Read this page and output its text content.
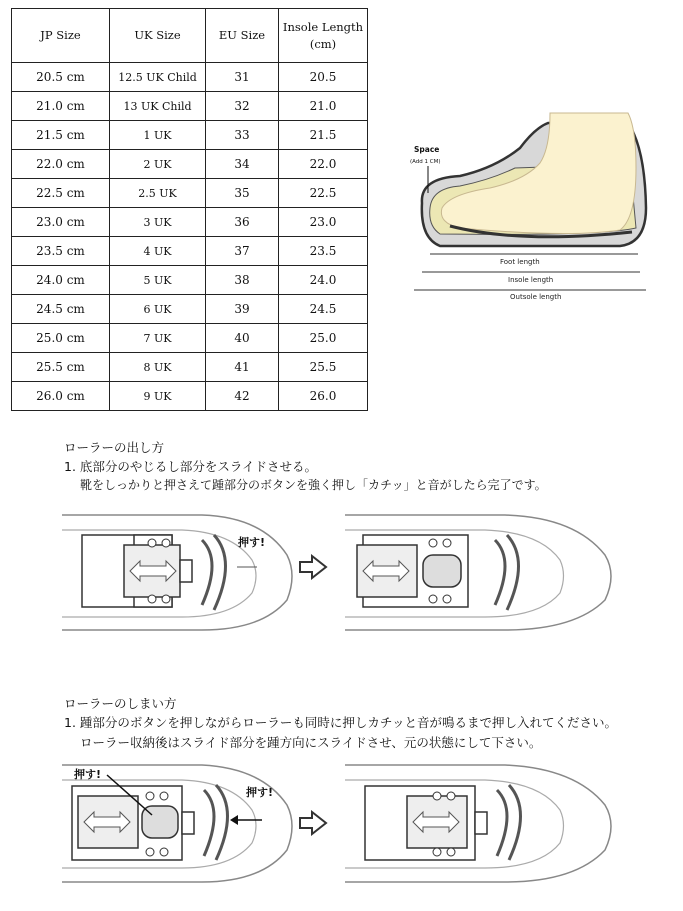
JP Size	UK Size	EU Size	Insole Length
(cm)
20.5 cm	12.5 UK Child	31	20.5
21.0 cm	13 UK Child	32	21.0
21.5 cm	1 UK	33	21.5
22.0 cm	2 UK	34	22.0
22.5 cm	2.5 UK	35	22.5
23.0 cm	3 UK	36	23.0
23.5 cm	4 UK	37	23.5
24.0 cm	5 UK	38	24.0
24.5 cm	6 UK	39	24.5
25.0 cm	7 UK	40	25.0
25.5 cm	8 UK	41	25.5
26.0 cm	9 UK	42	26.0
Space
(Add 1 CM)
Foot length
Insole length
Outsole length
ローラーの出し方
1. 底部分のやじるし部分をスライドさせる。
靴をしっかりと押さえて踵部分のボタンを強く押し「カチッ」と音がしたら完了です。
押す!
ローラーのしまい方
1. 踵部分のボタンを押しながらローラーも同時に押しカチッと音が鳴るまで押し入れてください。
ローラー収納後はスライド部分を踵方向にスライドさせ、元の状態にして下さい。
押す!
押す!
